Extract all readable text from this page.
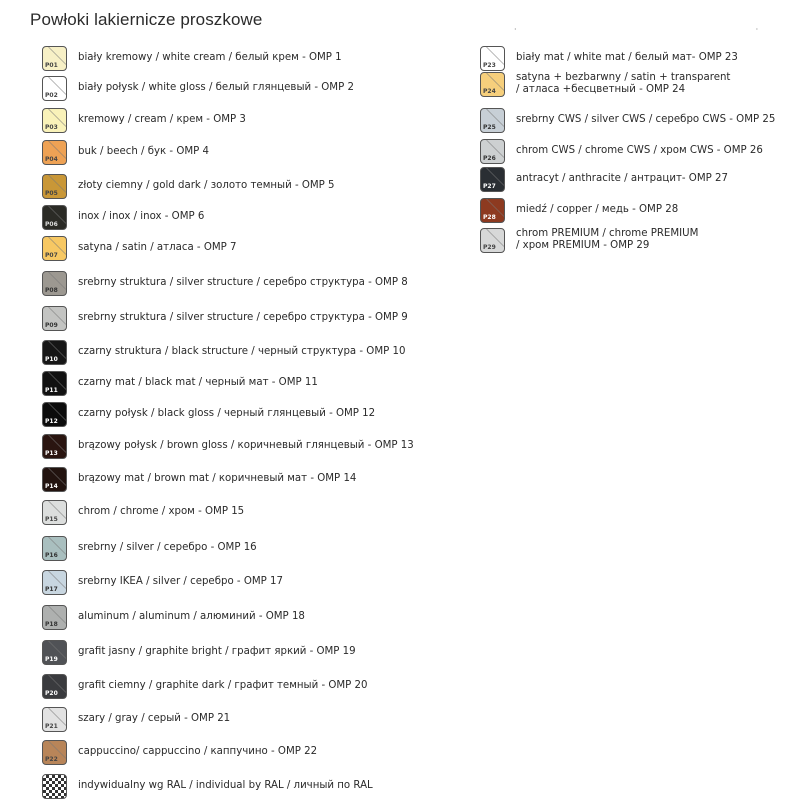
Powłoki lakiernicze proszkowe
·                                                                                              ·
P01
biały kremowy / white cream / белый крем - OMP 1
P02
biały połysk / white gloss / белый глянцевый - OMP 2
P03
kremowy / cream / крем - OMP 3
P04
buk / beech / бук - OMP 4
P05
złoty ciemny / gold dark / золото темный - OMP 5
P06
inox / inox / inox - OMP 6
P07
satyna / satin / атласа - OMP 7
P08
srebrny struktura / silver structure / серебро структура - OMP 8
P09
srebrny struktura / silver structure / серебро структура - OMP 9
P10
czarny struktura / black structure / черный структура - OMP 10
P11
czarny mat / black mat / черный мат - OMP 11
P12
czarny połysk / black gloss / черный глянцевый - OMP 12
P13
brązowy połysk / brown gloss / коричневый глянцевый - OMP 13
P14
brązowy mat / brown mat / коричневый мат - OMP 14
P15
chrom / chrome / хром - OMP 15
P16
srebrny / silver / серебро - OMP 16
P17
srebrny IKEA / silver / серебро - OMP 17
P18
aluminum / aluminum / алюминий - OMP 18
P19
grafit jasny / graphite bright / графит яркий - OMP 19
P20
grafit ciemny / graphite dark / графит темный - OMP 20
P21
szary / gray / серый - OMP 21
P22
cappuccino/ cappuccino / каппучино - OMP 22
indywidualny wg RAL / individual by RAL / личный по RAL
P23
biały mat / white mat / белый мат- OMP 23
P24
satyna + bezbarwny / satin + transparent
/ атласа +бесцветный - OMP 24
P25
srebrny CWS / silver CWS / серебро CWS - OMP 25
P26
chrom CWS / chrome CWS / хром CWS - OMP 26
P27
antracyt / anthracite / антрацит- OMP 27
P28
miedź / copper / медь - OMP 28
P29
chrom PREMIUM / chrome PREMIUM
/ хром PREMIUM - OMP 29
